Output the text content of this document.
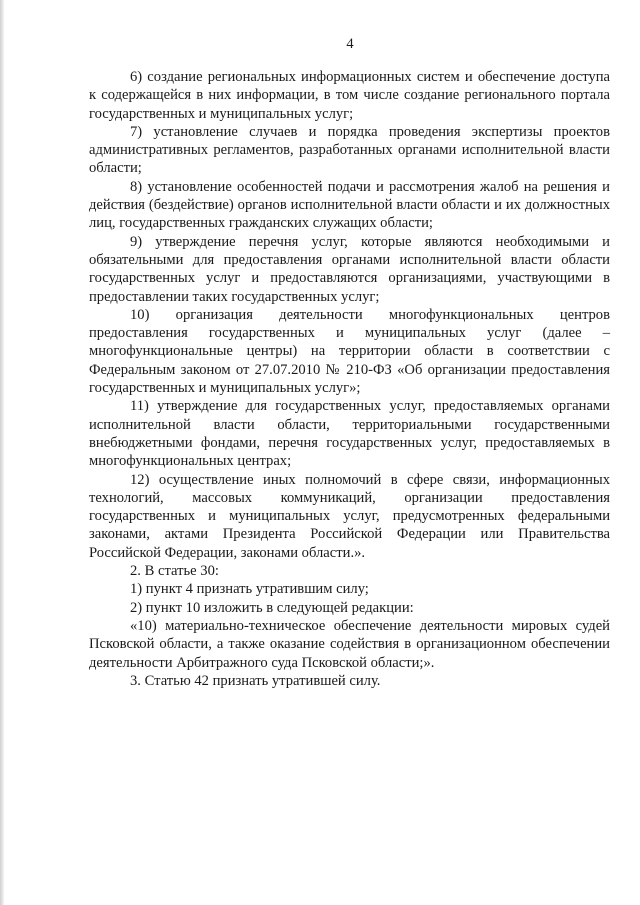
4

6) создание региональных информационных систем и обеспечение доступа к содержащейся в них информации, в том числе создание регионального портала государственных и муниципальных услуг;

7) установление случаев и порядка проведения экспертизы проектов административных регламентов, разработанных органами исполнительной власти области;

8) установление особенностей подачи и рассмотрения жалоб на решения и действия (бездействие) органов исполнительной власти области и их должностных лиц, государственных гражданских служащих области;

9) утверждение перечня услуг, которые являются необходимыми и обязательными для предоставления органами исполнительной власти области государственных услуг и предоставляются организациями, участвующими в предоставлении таких государственных услуг;

10) организация деятельности многофункциональных центров предоставления государственных и муниципальных услуг (далее – многофункциональные центры) на территории области в соответствии с Федеральным законом от 27.07.2010 № 210-ФЗ «Об организации предоставления государственных и муниципальных услуг»;

11) утверждение для государственных услуг, предоставляемых органами исполнительной власти области, территориальными государственными внебюджетными фондами, перечня государственных услуг, предоставляемых в многофункциональных центрах;

12) осуществление иных полномочий в сфере связи, информационных технологий, массовых коммуникаций, организации предоставления государственных и муниципальных услуг, предусмотренных федеральными законами, актами Президента Российской Федерации или Правительства Российской Федерации, законами области.».

2. В статье 30:

1) пункт 4 признать утратившим силу;

2) пункт 10 изложить в следующей редакции:

«10) материально-техническое обеспечение деятельности мировых судей Псковской области, а также оказание содействия в организационном обеспечении деятельности Арбитражного суда Псковской области;».

3. Статью 42 признать утратившей силу.
